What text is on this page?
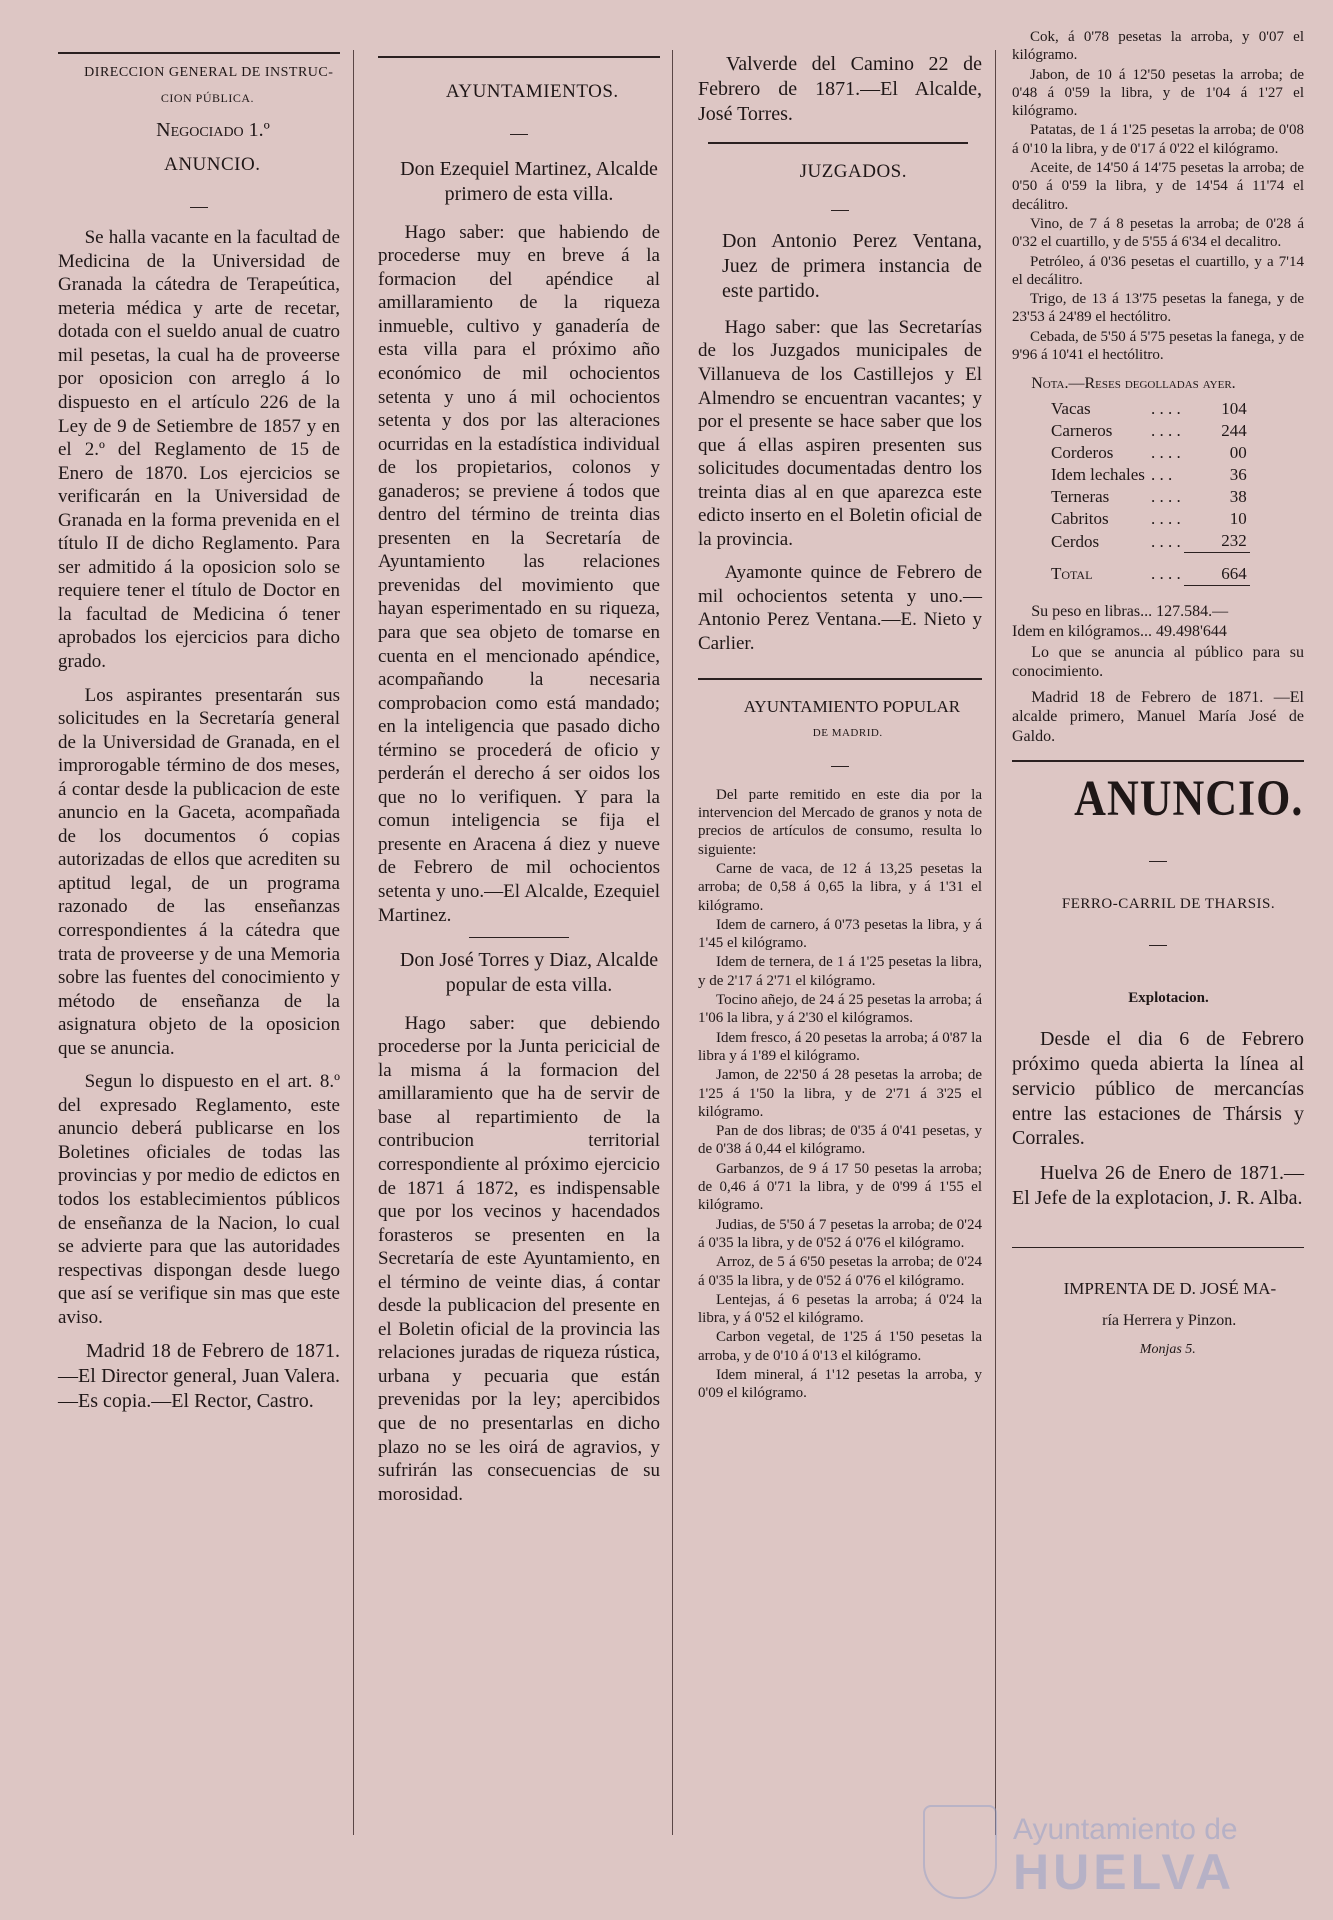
DIRECCION GENERAL DE INSTRUC-

CION PÚBLICA.

Negociado 1.º

ANUNCIO.

Se halla vacante en la facultad de Medicina de la Universidad de Granada la cátedra de Terapeútica, meteria médica y arte de recetar, dotada con el sueldo anual de cuatro mil pesetas, la cual ha de proveerse por oposicion con arreglo á lo dispuesto en el artículo 226 de la Ley de 9 de Setiembre de 1857 y en el 2.º del Reglamento de 15 de Enero de 1870. Los ejercicios se verificarán en la Universidad de Granada en la forma prevenida en el título II de dicho Reglamento. Para ser admitido á la oposicion solo se requiere tener el título de Doctor en la facultad de Medicina ó tener aprobados los ejercicios para dicho grado.

Los aspirantes presentarán sus solicitudes en la Secretaría general de la Universidad de Granada, en el improrogable término de dos meses, á contar desde la publicacion de este anuncio en la Gaceta, acompañada de los documentos ó copias autorizadas de ellos que acrediten su aptitud legal, de un programa razonado de las enseñanzas correspondientes á la cátedra que trata de proveerse y de una Memoria sobre las fuentes del conocimiento y método de enseñanza de la asignatura objeto de la oposicion que se anuncia.

Segun lo dispuesto en el art. 8.º del expresado Reglamento, este anuncio deberá publicarse en los Boletines oficiales de todas las provincias y por medio de edictos en todos los establecimientos públicos de enseñanza de la Nacion, lo cual se advierte para que las autoridades respectivas dispongan desde luego que así se verifique sin mas que este aviso.

Madrid 18 de Febrero de 1871.—El Director general, Juan Valera.—Es copia.—El Rector, Castro.

AYUNTAMIENTOS.

Don Ezequiel Martinez, Alcalde primero de esta villa.

Hago saber: que habiendo de procederse muy en breve á la formacion del apéndice al amillaramiento de la riqueza inmueble, cultivo y ganadería de esta villa para el próximo año económico de mil ochocientos setenta y uno á mil ochocientos setenta y dos por las alteraciones ocurridas en la estadística individual de los propietarios, colonos y ganaderos; se previene á todos que dentro del término de treinta dias presenten en la Secretaría de Ayuntamiento las relaciones prevenidas del movimiento que hayan esperimentado en su riqueza, para que sea objeto de tomarse en cuenta en el mencionado apéndice, acompañando la necesaria comprobacion como está mandado; en la inteligencia que pasado dicho término se procederá de oficio y perderán el derecho á ser oidos los que no lo verifiquen. Y para la comun inteligencia se fija el presente en Aracena á diez y nueve de Febrero de mil ochocientos setenta y uno.—El Alcalde, Ezequiel Martinez.

Don José Torres y Diaz, Alcalde popular de esta villa.

Hago saber: que debiendo procederse por la Junta pericicial de la misma á la formacion del amillaramiento que ha de servir de base al repartimiento de la contribucion territorial correspondiente al próximo ejercicio de 1871 á 1872, es indispensable que por los vecinos y hacendados forasteros se presenten en la Secretaría de este Ayuntamiento, en el término de veinte dias, á contar desde la publicacion del presente en el Boletin oficial de la provincia las relaciones juradas de riqueza rústica, urbana y pecuaria que están prevenidas por la ley; apercibidos que de no presentarlas en dicho plazo no se les oirá de agravios, y sufrirán las consecuencias de su morosidad.

Valverde del Camino 22 de Febrero de 1871.—El Alcalde, José Torres.

JUZGADOS.

Don Antonio Perez Ventana, Juez de primera instancia de este partido.

Hago saber: que las Secretarías de los Juzgados municipales de Villanueva de los Castillejos y El Almendro se encuentran vacantes; y por el presente se hace saber que los que á ellas aspiren presenten sus solicitudes documentadas dentro los treinta dias al en que aparezca este edicto inserto en el Boletin oficial de la provincia.

Ayamonte quince de Febrero de mil ochocientos setenta y uno.—Antonio Perez Ventana.—E. Nieto y Carlier.

AYUNTAMIENTO POPULAR

DE MADRID.

Del parte remitido en este dia por la intervencion del Mercado de granos y nota de precios de artículos de consumo, resulta lo siguiente:

Carne de vaca, de 12 á 13,25 pesetas la arroba; de 0,58 á 0,65 la libra, y á 1'31 el kilógramo.

Idem de carnero, á 0'73 pesetas la libra, y á 1'45 el kilógramo.

Idem de ternera, de 1 á 1'25 pesetas la libra, y de 2'17 á 2'71 el kilógramo.

Tocino añejo, de 24 á 25 pesetas la arroba; á 1'06 la libra, y á 2'30 el kilógramos.

Idem fresco, á 20 pesetas la arroba; á 0'87 la libra y á 1'89 el kilógramo.

Jamon, de 22'50 á 28 pesetas la arroba; de 1'25 á 1'50 la libra, y de 2'71 á 3'25 el kilógramo.

Pan de dos libras; de 0'35 á 0'41 pesetas, y de 0'38 á 0,44 el kilógramo.

Garbanzos, de 9 á 17 50 pesetas la arroba; de 0,46 á 0'71 la libra, y de 0'99 á 1'55 el kilógramo.

Judias, de 5'50 á 7 pesetas la arroba; de 0'24 á 0'35 la libra, y de 0'52 á 0'76 el kilógramo.

Arroz, de 5 á 6'50 pesetas la arroba; de 0'24 á 0'35 la libra, y de 0'52 á 0'76 el kilógramo.

Lentejas, á 6 pesetas la arroba; á 0'24 la libra, y á 0'52 el kilógramo.

Carbon vegetal, de 1'25 á 1'50 pesetas la arroba, y de 0'10 á 0'13 el kilógramo.

Idem mineral, á 1'12 pesetas la arroba, y 0'09 el kilógramo.

Cok, á 0'78 pesetas la arroba, y 0'07 el kilógramo.

Jabon, de 10 á 12'50 pesetas la arroba; de 0'48 á 0'59 la libra, y de 1'04 á 1'27 el kilógramo.

Patatas, de 1 á 1'25 pesetas la arroba; de 0'08 á 0'10 la libra, y de 0'17 á 0'22 el kilógramo.

Aceite, de 14'50 á 14'75 pesetas la arroba; de 0'50 á 0'59 la libra, y de 14'54 á 11'74 el decálitro.

Vino, de 7 á 8 pesetas la arroba; de 0'28 á 0'32 el cuartillo, y de 5'55 á 6'34 el decalitro.

Petróleo, á 0'36 pesetas el cuartillo, y a 7'14 el decálitro.

Trigo, de 13 á 13'75 pesetas la fanega, y de 23'53 á 24'89 el hectólitro.

Cebada, de 5'50 á 5'75 pesetas la fanega, y de 9'96 á 10'41 el hectólitro.

Nota.—Reses degolladas ayer.

Vacas	. . . .	104
Carneros	. . . .	244
Corderos	. . . .	00
Idem lechales	. . .	36
Terneras	. . . .	38
Cabritos	. . . .	10
Cerdos	. . . .	232
Total	. . . .	664

Su peso en libras... 127.584.—

Idem en kilógramos... 49.498'644

Lo que se anuncia al público para su conocimiento.

Madrid 18 de Febrero de 1871. —El alcalde primero, Manuel María José de Galdo.

ANUNCIO.

FERRO-CARRIL DE THARSIS.

Explotacion.

Desde el dia 6 de Febrero próximo queda abierta la línea al servicio público de mercancías entre las estaciones de Thársis y Corrales.

Huelva 26 de Enero de 1871.—El Jefe de la explotacion, J. R. Alba.

IMPRENTA DE D. JOSÉ MA-

ría Herrera y Pinzon.

Monjas 5.

Ayuntamiento de
HUELVA
